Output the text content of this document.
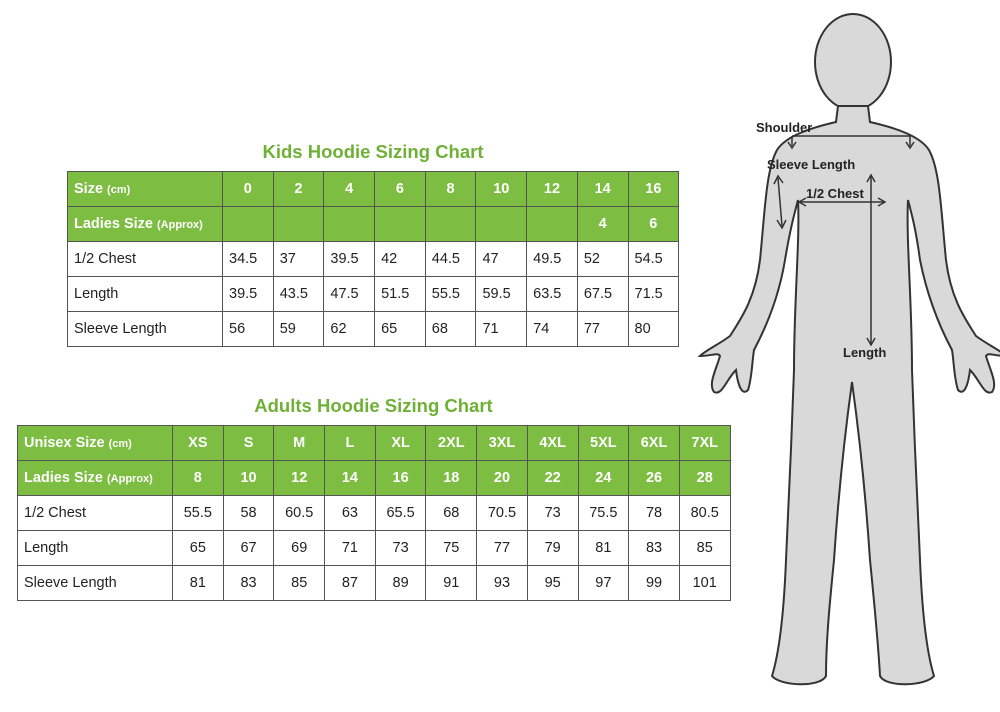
Kids Hoodie Sizing Chart
Size (cm)	0	2	4	6	8	10	12	14	16
Ladies Size (Approx)								4	6
1/2 Chest	34.5	37	39.5	42	44.5	47	49.5	52	54.5
Length	39.5	43.5	47.5	51.5	55.5	59.5	63.5	67.5	71.5
Sleeve Length	56	59	62	65	68	71	74	77	80
Adults Hoodie Sizing Chart
Unisex Size (cm)	XS	S	M	L	XL	2XL	3XL	4XL	5XL	6XL	7XL
Ladies Size (Approx)	8	10	12	14	16	18	20	22	24	26	28
1/2 Chest	55.5	58	60.5	63	65.5	68	70.5	73	75.5	78	80.5
Length	65	67	69	71	73	75	77	79	81	83	85
Sleeve Length	81	83	85	87	89	91	93	95	97	99	101
Shoulder
Sleeve Length
1/2 Chest
Length
